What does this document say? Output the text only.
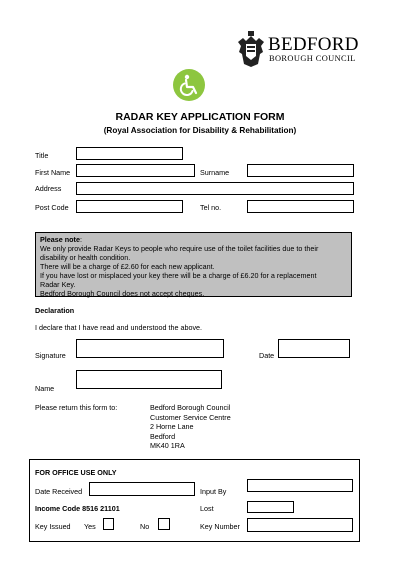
BEDFORD
BOROUGH COUNCIL
RADAR KEY APPLICATION FORM
(Royal Association for Disability & Rehabilitation)
Title
First Name	Surname
Address
Post Code	Tel no.
Please note:
We only provide Radar Keys to people who require use of the toilet facilities due to their
disability or health condition.
There will be a charge of £2.60 for each new applicant.
If you have lost or misplaced your key there will be a charge of £6.20 for a replacement
Radar Key.
Bedford Borough Council does not accept cheques.
Declaration
I declare that I have read and understood the above.
Signature	Date
Name
Please return this form to:	Bedford Borough Council
Customer Service Centre
2 Horne Lane
Bedford
MK40 1RA
FOR OFFICE USE ONLY
Date Received	Input By
Income Code 8516 21101	Lost
Key Issued Yes	No	Key Number
